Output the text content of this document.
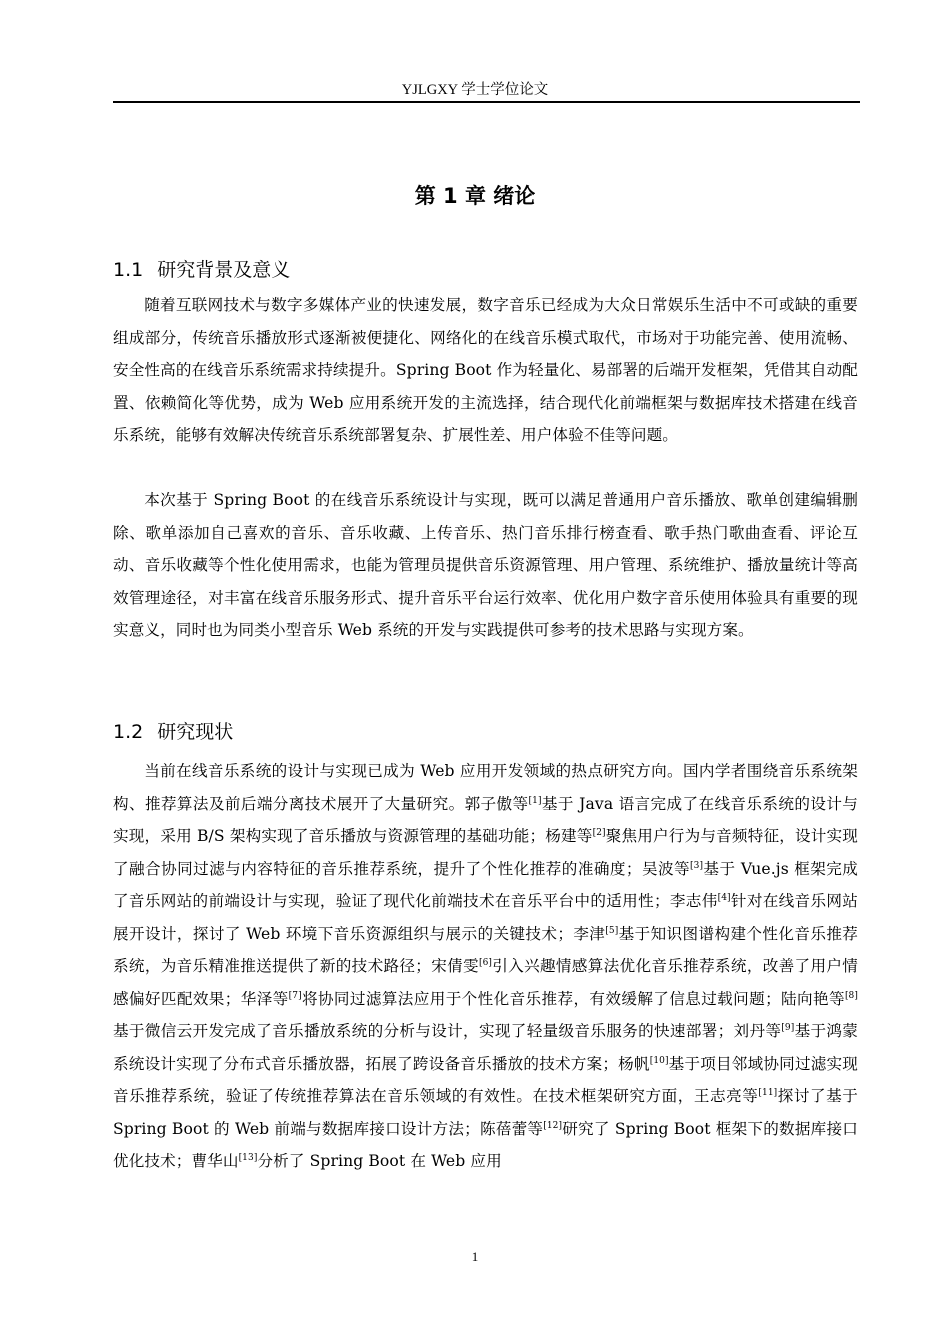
YJLGXY 学士学位论文
第 1 章 绪论
1.1 研究背景及意义

随着互联网技术与数字多媒体产业的快速发展，数字音乐已经成为大众日常娱乐生活中不可或缺的重要组成部分，传统音乐播放形式逐渐被便捷化、网络化的在线音乐模式取代，市场对于功能完善、使用流畅、安全性高的在线音乐系统需求持续提升。Spring Boot 作为轻量化、易部署的后端开发框架，凭借其自动配置、依赖简化等优势，成为 Web 应用系统开发的主流选择，结合现代化前端框架与数据库技术搭建在线音乐系统，能够有效解决传统音乐系统部署复杂、扩展性差、用户体验不佳等问题。

本次基于 Spring Boot 的在线音乐系统设计与实现，既可以满足普通用户音乐播放、歌单创建编辑删除、歌单添加自己喜欢的音乐、音乐收藏、上传音乐、热门音乐排行榜查看、歌手热门歌曲查看、评论互动、音乐收藏等个性化使用需求，也能为管理员提供音乐资源管理、用户管理、系统维护、播放量统计等高效管理途径，对丰富在线音乐服务形式、提升音乐平台运行效率、优化用户数字音乐使用体验具有重要的现实意义，同时也为同类小型音乐 Web 系统的开发与实践提供可参考的技术思路与实现方案。

1.2 研究现状

当前在线音乐系统的设计与实现已成为 Web 应用开发领域的热点研究方向。国内学者围绕音乐系统架构、推荐算法及前后端分离技术展开了大量研究。郭子傲等[1]基于 Java 语言完成了在线音乐系统的设计与实现，采用 B/S 架构实现了音乐播放与资源管理的基础功能；杨建等[2]聚焦用户行为与音频特征，设计实现了融合协同过滤与内容特征的音乐推荐系统，提升了个性化推荐的准确度；吴波等[3]基于 Vue.js 框架完成了音乐网站的前端设计与实现，验证了现代化前端技术在音乐平台中的适用性；李志伟[4]针对在线音乐网站展开设计，探讨了 Web 环境下音乐资源组织与展示的关键技术；李津[5]基于知识图谱构建个性化音乐推荐系统，为音乐精准推送提供了新的技术路径；宋倩雯[6]引入兴趣情感算法优化音乐推荐系统，改善了用户情感偏好匹配效果；华泽等[7]将协同过滤算法应用于个性化音乐推荐，有效缓解了信息过载问题；陆向艳等[8]基于微信云开发完成了音乐播放系统的分析与设计，实现了轻量级音乐服务的快速部署；刘丹等[9]基于鸿蒙系统设计实现了分布式音乐播放器，拓展了跨设备音乐播放的技术方案；杨帆[10]基于项目邻域协同过滤实现音乐推荐系统，验证了传统推荐算法在音乐领域的有效性。在技术框架研究方面，王志亮等[11]探讨了基于 Spring Boot 的 Web 前端与数据库接口设计方法；陈蓓蕾等[12]研究了 Spring Boot 框架下的数据库接口优化技术；曹华山[13]分析了 Spring Boot 在 Web 应用

1
